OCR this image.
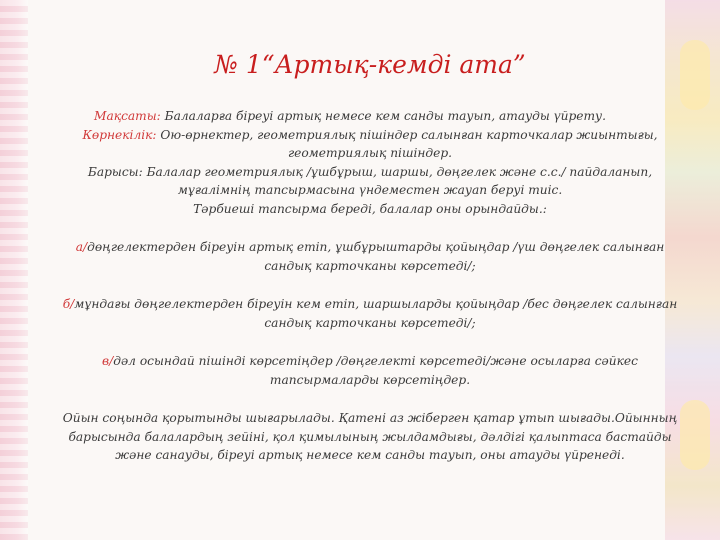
№ 1“Артық-кемді ата”

Мақсаты: Балаларға біреуі артық немесе кем санды тауып, атауды үйрету.

Көрнекілік: Ою-өрнектер, геометриялық пішіндер салынған карточкалар жиынтығы, геометриялық пішіндер.

Барысы: Балалар геометриялық /ұшбұрыш, шаршы, дөңгелек және с.с./ пайдаланып, мұғалімнің тапсырмасына үндеместен жауап беруі тиіс.

Тәрбиеші тапсырма береді, балалар оны орындайды.:

а/дөңгелектерден біреуін артық етіп, ұшбұрыштарды қойыңдар /үш дөңгелек салынған сандық карточканы көрсетеді/;

б/мұндағы дөңгелектерден біреуін кем етіп, шаршыларды қойыңдар /бес дөңгелек салынған сандық карточканы көрсетеді/;

в/дәл осындай пішінді көрсетіңдер /дөңгелекті көрсетеді/және осыларға сәйкес тапсырмаларды көрсетіңдер.

Ойын соңында қорытынды шығарылады. Қатені аз жіберген қатар ұтып шығады.Ойынның барысында балалардың зейіні, қол қимылының жылдамдығы, дәлдігі қалыптаса бастайды және санауды, біреуі артық немесе кем санды тауып, оны атауды үйренеді.
